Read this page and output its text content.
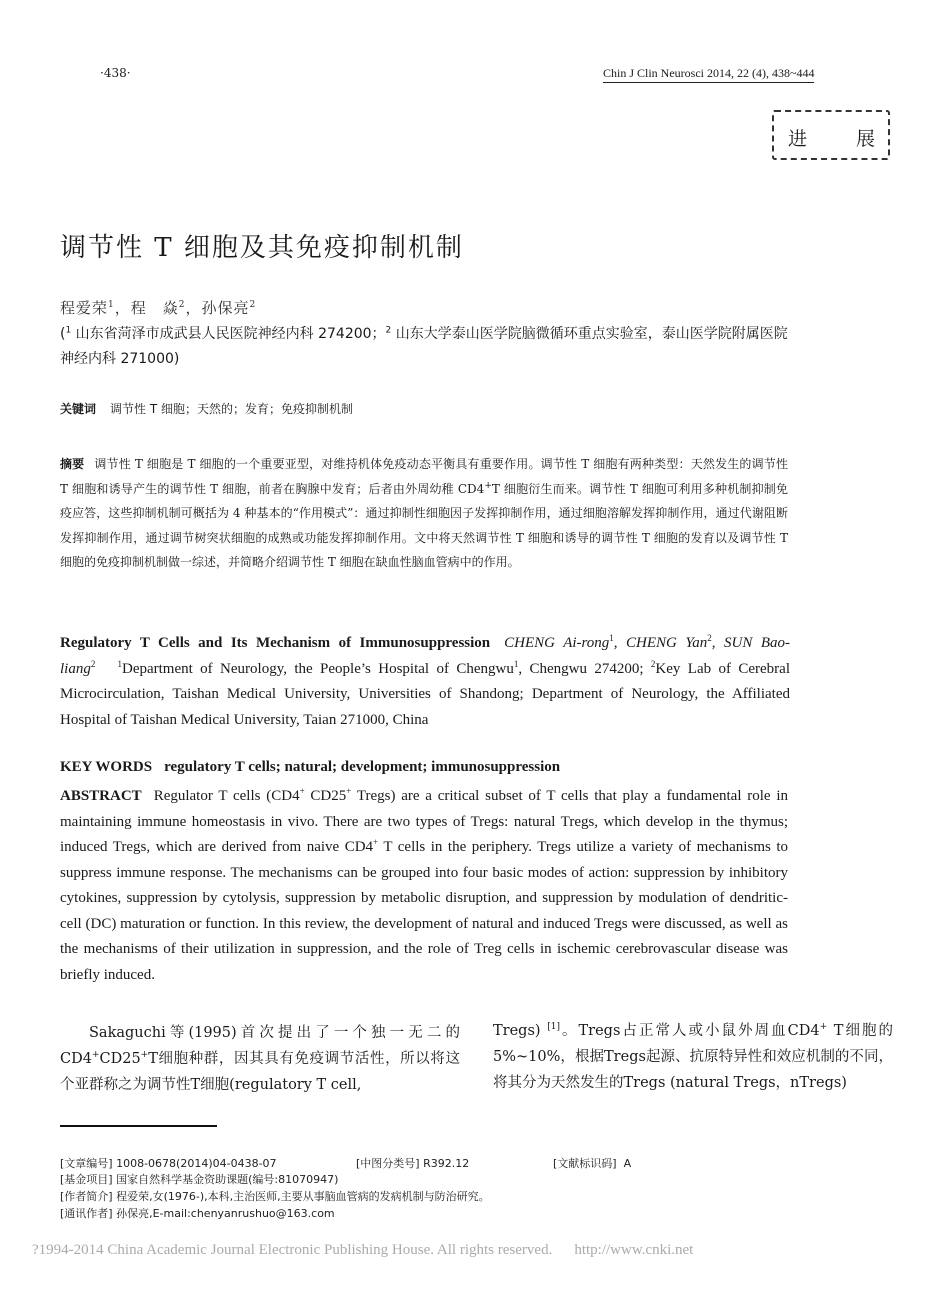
·438·	Chin J Clin Neurosci 2014, 22 (4), 438~444
进	展
调节性 T 细胞及其免疫抑制机制
程爱荣$^1$，程　焱$^2$，孙保亮$^2$
($^1$ 山东省菏泽市成武县人民医院神经内科 274200；$^2$ 山东大学泰山医学院脑微循环重点实验室，泰山医学院附属医院神经内科 271000)
关键词 调节性 T 细胞；天然的；发育；免疫抑制机制
摘要 调节性 T 细胞是 T 细胞的一个重要亚型，对维持机体免疫动态平衡具有重要作用。调节性 T 细胞有两种类型：天然发生的调节性 T 细胞和诱导产生的调节性 T 细胞，前者在胸腺中发育；后者由外周幼稚 CD4+T 细胞衍生而来。调节性 T 细胞可利用多种机制抑制免疫应答，这些抑制机制可概括为 4 种基本的“作用模式”：通过抑制性细胞因子发挥抑制作用，通过细胞溶解发挥抑制作用，通过代谢阻断发挥抑制作用，通过调节树突状细胞的成熟或功能发挥抑制作用。文中将天然调节性 T 细胞和诱导的调节性 T 细胞的发育以及调节性 T 细胞的免疫抑制机制做一综述，并简略介绍调节性 T 细胞在缺血性脑血管病中的作用。
Regulatory T Cells and Its Mechanism of Immunosuppression CHENG Ai-rong$^1$, CHENG Yan$^2$, SUN Bao-liang$^2$ $^1$Department of Neurology, the People’s Hospital of Chengwu$^1$, Chengwu 274200; $^2$Key Lab of Cerebral Microcirculation, Taishan Medical University, Universities of Shandong; Department of Neurology, the Affiliated Hospital of Taishan Medical University, Taian 271000, China
KEY WORDS regulatory T cells; natural; development; immunosuppression
ABSTRACT Regulator T cells (CD4+ CD25+ Tregs) are a critical subset of T cells that play a fundamental role in maintaining immune homeostasis in vivo. There are two types of Tregs: natural Tregs, which develop in the thymus; induced Tregs, which are derived from naive CD4+ T cells in the periphery. Tregs utilize a variety of mechanisms to suppress immune response. The mechanisms can be grouped into four basic modes of action: suppression by inhibitory cytokines, suppression by cytolysis, suppression by metabolic disruption, and suppression by modulation of dendritic-cell (DC) maturation or function. In this review, the development of natural and induced Tregs were discussed, as well as the mechanisms of their utilization in suppression, and the role of Treg cells in ischemic cerebrovascular disease was briefly induced.
Sakaguchi等(1995)首次提出了一个独一无二的CD4+CD25+T细胞种群，因其具有免疫调节活性，所以将这个亚群称之为调节性T细胞(regulatory T cell,
Tregs) [1]。Tregs占正常人或小鼠外周血CD4+ T细胞的5%~10%，根据Tregs起源、抗原特异性和效应机制的不同，将其分为天然发生的Tregs (natural Tregs，nTregs)
[文章编号] 1008-0678(2014)04-0438-07	[中图分类号] R392.12	[文献标识码] A
[基金项目] 国家自然科学基金资助课题(编号:81070947)
[作者简介] 程爱荣,女(1976-),本科,主治医师,主要从事脑血管病的发病机制与防治研究。
[通讯作者] 孙保亮,E-mail:chenyanrushuo@163.com
?1994-2014 China Academic Journal Electronic Publishing House. All rights reserved. http://www.cnki.net
